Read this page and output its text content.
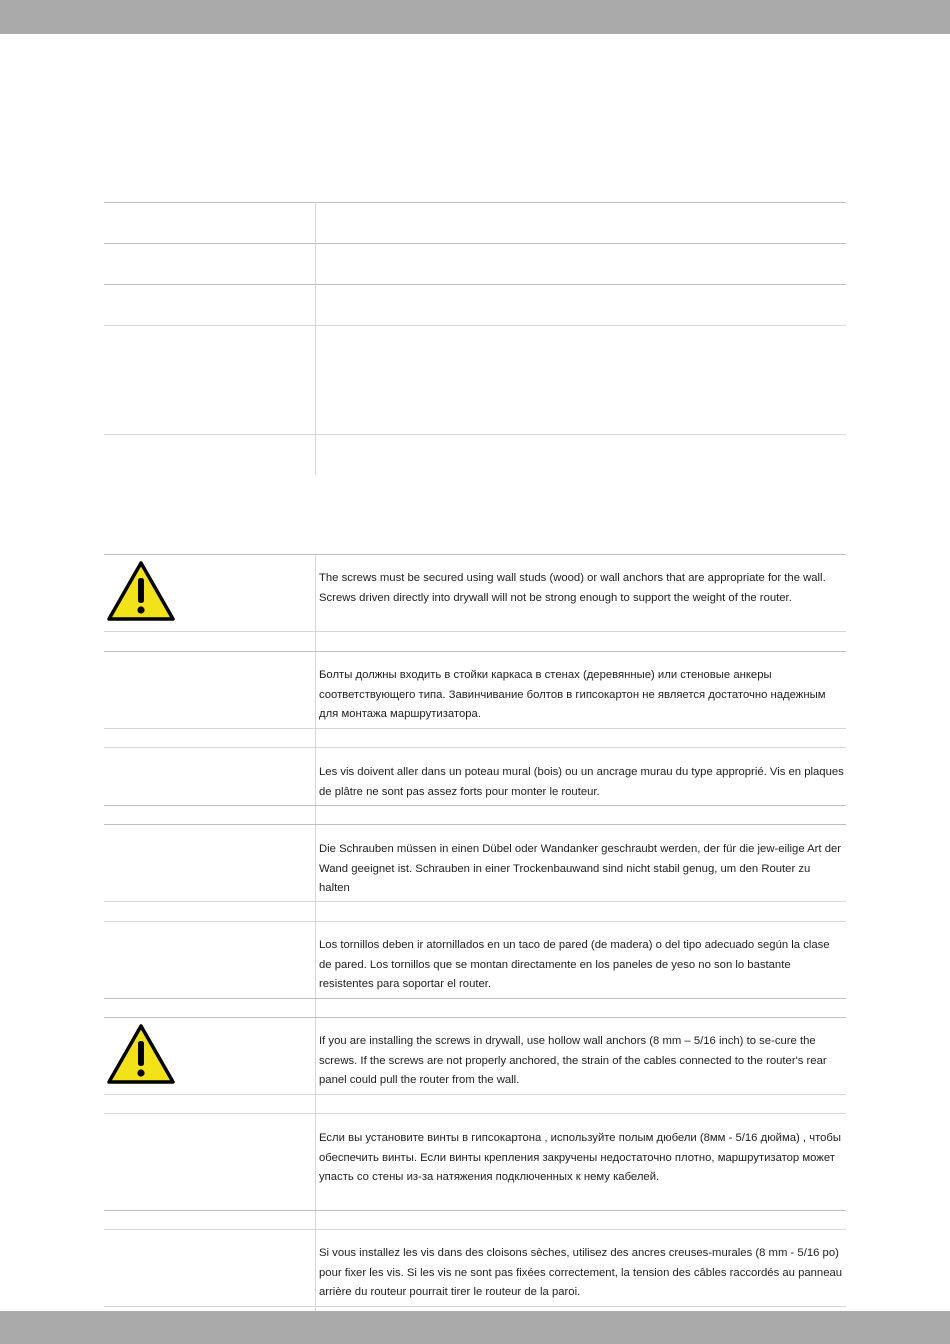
The screws must be secured using wall studs (wood) or wall anchors that are appropriate for the wall. Screws driven directly into drywall will not be strong enough to support the weight of the router.

Болты должны входить в стойки каркаса в стенах (деревянные) или стеновые анкеры соответствующего типа. Завинчивание болтов в гипсокартон не является достаточно надежным для монтажа маршрутизатора.

Les vis doivent aller dans un poteau mural (bois) ou un ancrage murau du type approprié. Vis en plaques de plâtre ne sont pas assez forts pour monter le routeur.

Die Schrauben müssen in einen Dübel oder Wandanker geschraubt werden, der für die jew-eilige Art der Wand geeignet ist. Schrauben in einer Trockenbauwand sind nicht stabil genug, um den Router zu halten

Los tornillos deben ir atornillados en un taco de pared (de madera) o del tipo adecuado según la clase de pared. Los tornillos que se montan directamente en los paneles de yeso no son lo bastante resistentes para soportar el router.

If you are installing the screws in drywall, use hollow wall anchors (8 mm – 5/16 inch) to se-cure the screws. If the screws are not properly anchored, the strain of the cables connected to the router's rear panel could pull the router from the wall.

Если вы установите винты в гипсокартона , используйте полым дюбели (8мм - 5/16 дюйма) , чтобы обеспечить винты. Если винты крепления закручены недостаточно плотно, маршрутизатор может упасть со стены из-за натяжения подключенных к нему кабелей.

Si vous installez les vis dans des cloisons sèches, utilisez des ancres creuses-murales (8 mm - 5/16 po) pour fixer les vis. Si les vis ne sont pas fixées correctement, la tension des câbles raccordés au panneau arrière du routeur pourrait tirer le routeur de la paroi.
